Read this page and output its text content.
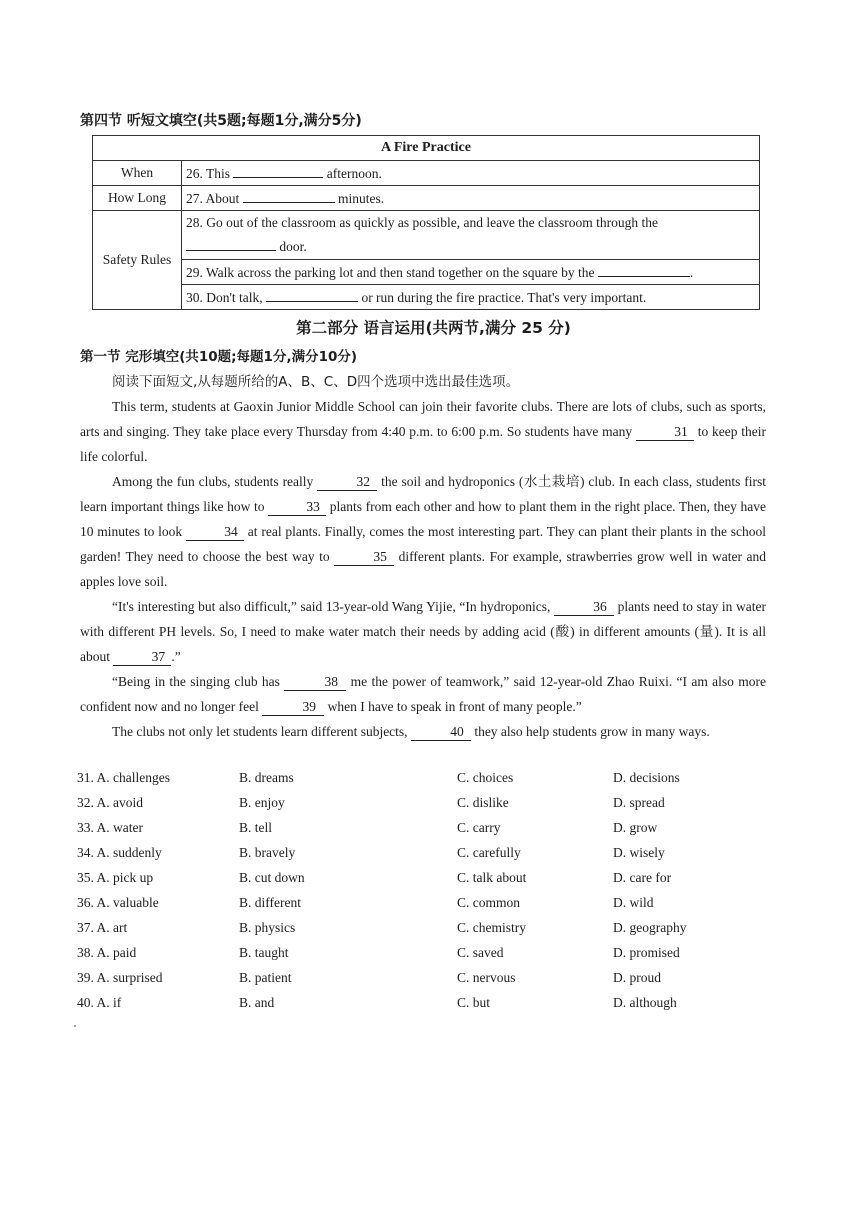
第四节 听短文填空(共5题;每题1分,满分5分)
A Fire Practice	
When	26. This afternoon.
How Long	27. About minutes.
Safety Rules	28. Go out of the classroom as quickly as possible, and leave the classroom through the
door.
	29. Walk across the parking lot and then stand together on the square by the .
	30. Don't talk, or run during the fire practice. That's very important.
第二部分 语言运用(共两节,满分 25 分)
第一节 完形填空(共10题;每题1分,满分10分)
阅读下面短文,从每题所给的A、B、C、D四个选项中选出最佳选项。

This term, students at Gaoxin Junior Middle School can join their favorite clubs. There are lots of clubs, such as sports, arts and singing. They take place every Thursday from 4:40 p.m. to 6:00 p.m. So students have many	31 to keep their life colorful.

Among the fun clubs, students really	32 the soil and hydroponics (水土栽培) club. In each class, students first learn important things like how to	33 plants from each other and how to plant them in the right place. Then, they have 10 minutes to look	34 at real plants. Finally, comes the most interesting part. They can plant their plants in the school garden! They need to choose the best way to	35 different plants. For example, strawberries grow well in water and apples love soil.

“It's interesting but also difficult,” said 13-year-old Wang Yijie, “In hydroponics,	36 plants need to stay in water with different PH levels. So, I need to make water match their needs by adding acid (酸) in different amounts (量). It is all about	37 .”

“Being in the singing club has	38 me the power of teamwork,” said 12-year-old Zhao Ruixi. “I am also more confident now and no longer feel	39 when I have to speak in front of many people.”

The clubs not only let students learn different subjects,	40 they also help students grow in many ways.

31. A. challenges	B. dreams	C. choices	D. decisions
32. A. avoid	B. enjoy	C. dislike	D. spread
33. A. water	B. tell	C. carry	D. grow
34. A. suddenly	B. bravely	C. carefully	D. wisely
35. A. pick up	B. cut down	C. talk about	D. care for
36. A. valuable	B. different	C. common	D. wild
37. A. art	B. physics	C. chemistry	D. geography
38. A. paid	B. taught	C. saved	D. promised
39. A. surprised	B. patient	C. nervous	D. proud
40. A. if	B. and	C. but	D. although
